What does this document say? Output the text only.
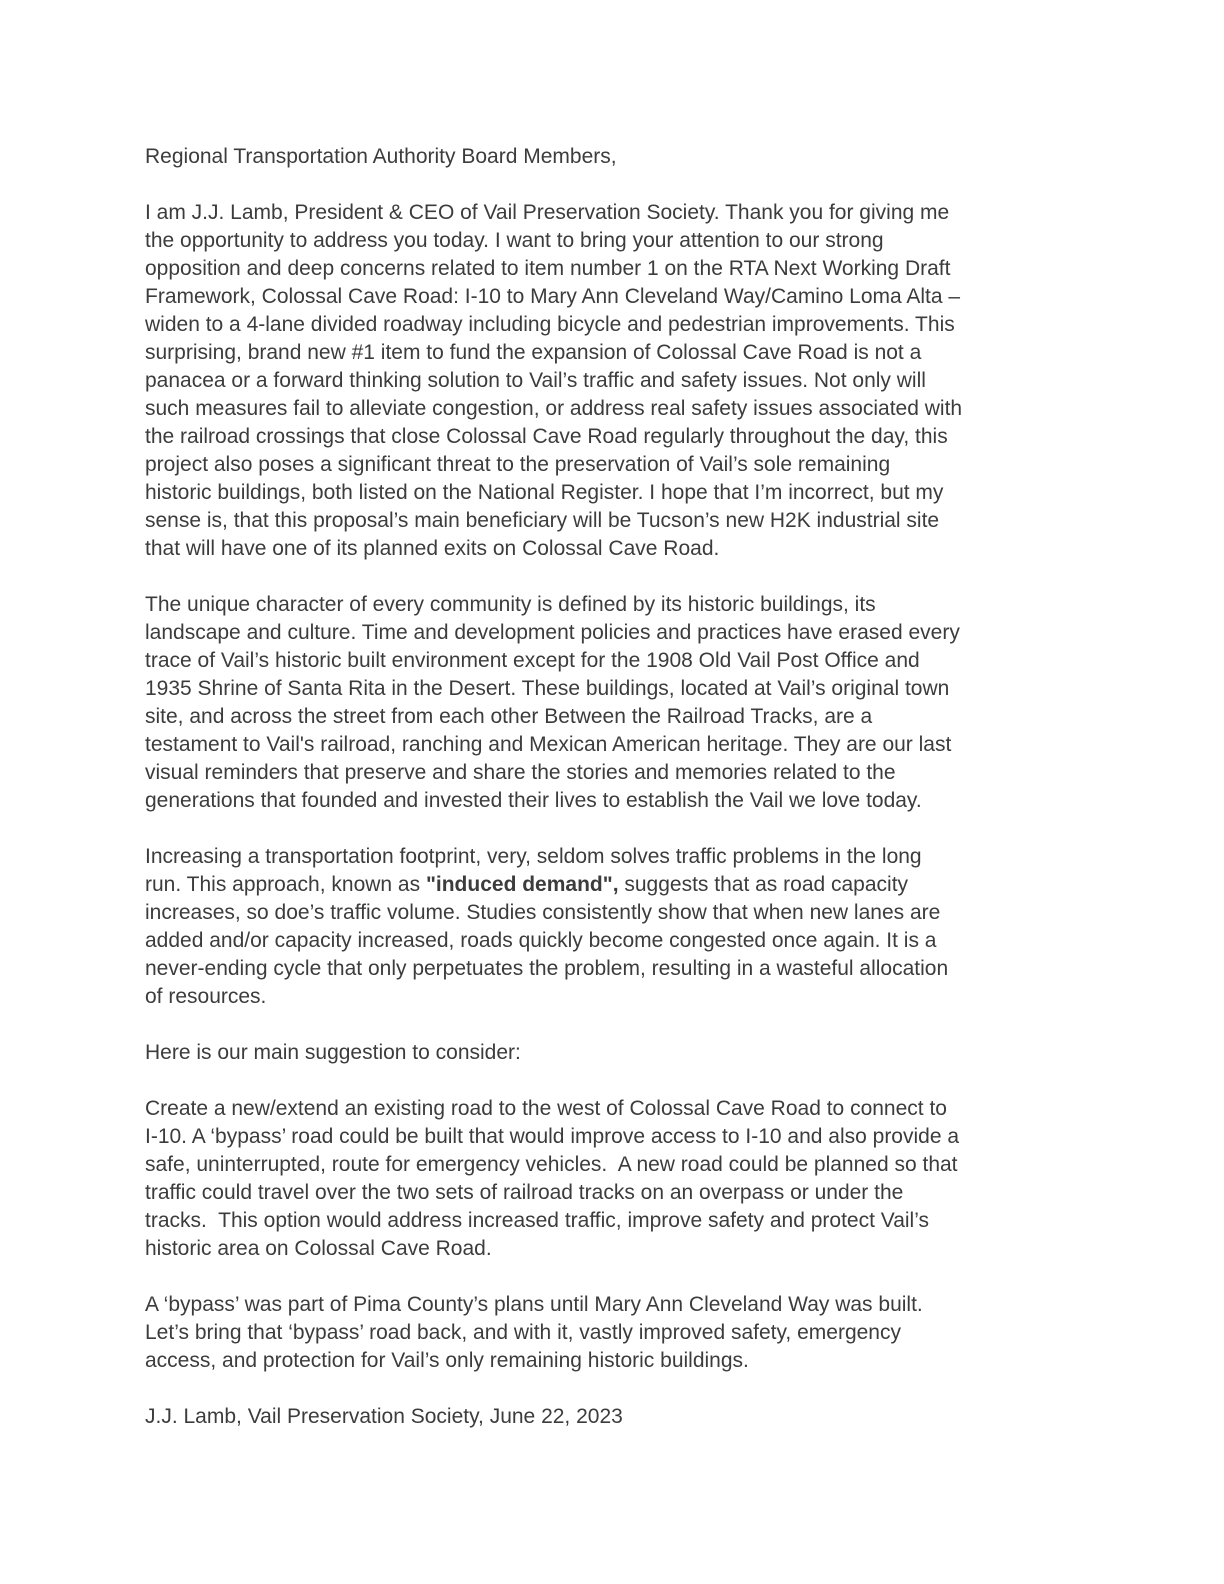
Regional Transportation Authority Board Members,
I am J.J. Lamb, President & CEO of Vail Preservation Society. Thank you for giving me
the opportunity to address you today. I want to bring your attention to our strong
opposition and deep concerns related to item number 1 on the RTA Next Working Draft
Framework, Colossal Cave Road: I-10 to Mary Ann Cleveland Way/Camino Loma Alta –
widen to a 4-lane divided roadway including bicycle and pedestrian improvements. This
surprising, brand new #1 item to fund the expansion of Colossal Cave Road is not a
panacea or a forward thinking solution to Vail’s traffic and safety issues. Not only will
such measures fail to alleviate congestion, or address real safety issues associated with
the railroad crossings that close Colossal Cave Road regularly throughout the day, this
project also poses a significant threat to the preservation of Vail’s sole remaining
historic buildings, both listed on the National Register. I hope that I’m incorrect, but my
sense is, that this proposal’s main beneficiary will be Tucson’s new H2K industrial site
that will have one of its planned exits on Colossal Cave Road.
The unique character of every community is defined by its historic buildings, its
landscape and culture. Time and development policies and practices have erased every
trace of Vail’s historic built environment except for the 1908 Old Vail Post Office and
1935 Shrine of Santa Rita in the Desert. These buildings, located at Vail’s original town
site, and across the street from each other Between the Railroad Tracks, are a
testament to Vail's railroad, ranching and Mexican American heritage. They are our last
visual reminders that preserve and share the stories and memories related to the
generations that founded and invested their lives to establish the Vail we love today.
Increasing a transportation footprint, very, seldom solves traffic problems in the long
run. This approach, known as "induced demand", suggests that as road capacity
increases, so doe’s traffic volume. Studies consistently show that when new lanes are
added and/or capacity increased, roads quickly become congested once again. It is a
never-ending cycle that only perpetuates the problem, resulting in a wasteful allocation
of resources.
Here is our main suggestion to consider:
Create a new/extend an existing road to the west of Colossal Cave Road to connect to
I-10. A ‘bypass’ road could be built that would improve access to I-10 and also provide a
safe, uninterrupted, route for emergency vehicles.  A new road could be planned so that
traffic could travel over the two sets of railroad tracks on an overpass or under the
tracks.  This option would address increased traffic, improve safety and protect Vail’s
historic area on Colossal Cave Road.
A ‘bypass’ was part of Pima County’s plans until Mary Ann Cleveland Way was built.
Let’s bring that ‘bypass’ road back, and with it, vastly improved safety, emergency
access, and protection for Vail’s only remaining historic buildings.
J.J. Lamb, Vail Preservation Society, June 22, 2023
